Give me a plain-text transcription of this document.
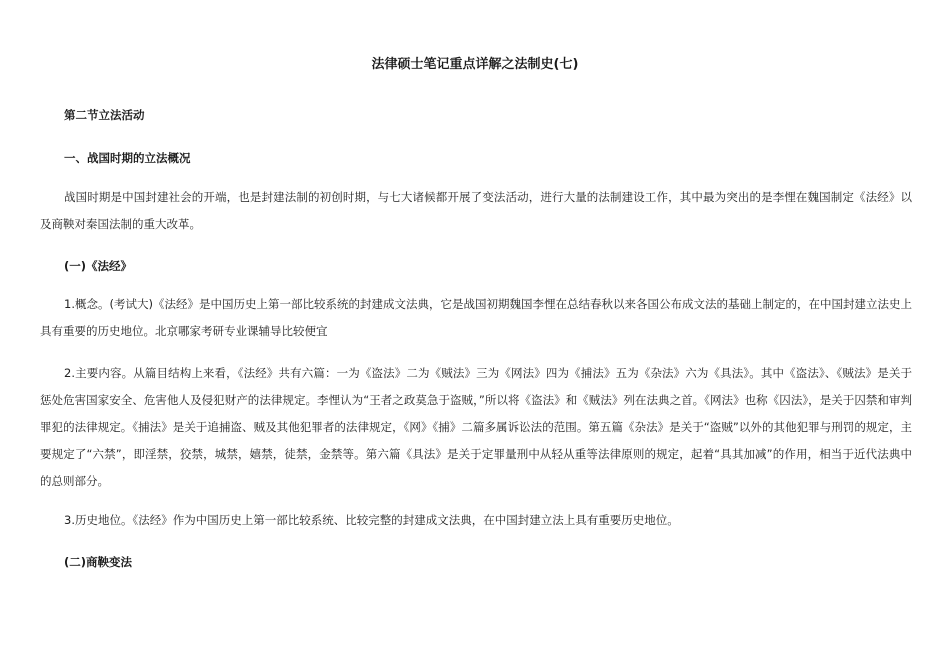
法律硕士笔记重点详解之法制史(七)
第二节立法活动
一、战国时期的立法概况

战国时期是中国封建社会的开端，也是封建法制的初创时期，与七大诸候都开展了变法活动，进行大量的法制建设工作，其中最为突出的是李悝在魏国制定《法经》以及商鞅对秦国法制的重大改革。

(一)《法经》

1.概念。(考试大)《法经》是中国历史上第一部比较系统的封建成文法典，它是战国初期魏国李悝在总结春秋以来各国公布成文法的基础上制定的，在中国封建立法史上具有重要的历史地位。北京哪家考研专业课辅导比较便宜

2.主要内容。从篇目结构上来看，《法经》共有六篇：一为《盗法》二为《贼法》三为《网法》四为《捕法》五为《杂法》六为《具法》。其中《盗法》、《贼法》是关于惩处危害国家安全、危害他人及侵犯财产的法律规定。李悝认为“王者之政莫急于盗贼，”所以将《盗法》和《贼法》列在法典之首。《网法》也称《囚法》，是关于囚禁和审判罪犯的法律规定。《捕法》是关于追捕盗、贼及其他犯罪者的法律规定，《网》《捕》二篇多属诉讼法的范围。第五篇《杂法》是关于“盗贼”以外的其他犯罪与刑罚的规定，主要规定了“六禁”，即淫禁，狡禁，城禁，嬉禁，徒禁，金禁等。第六篇《具法》是关于定罪量刑中从轻从重等法律原则的规定，起着“具其加减”的作用，相当于近代法典中的总则部分。

3.历史地位。《法经》作为中国历史上第一部比较系统、比较完整的封建成文法典，在中国封建立法上具有重要历史地位。

(二)商鞅变法
